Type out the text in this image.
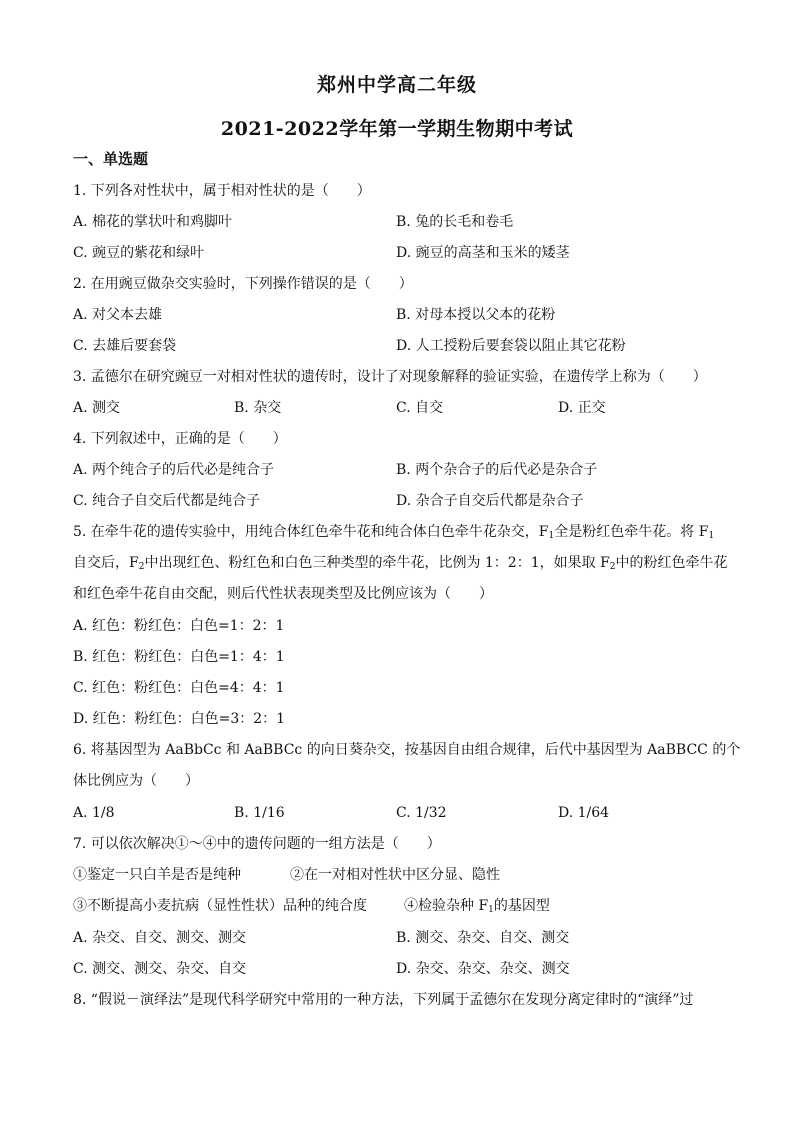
郑州中学高二年级
2021-2022学年第一学期生物期中考试
一、单选题
1. 下列各对性状中，属于相对性状的是（　　）
A. 棉花的掌状叶和鸡脚叶	B. 兔的长毛和卷毛
C. 豌豆的紫花和绿叶	D. 豌豆的高茎和玉米的矮茎
2. 在用豌豆做杂交实验时，下列操作错误的是（　　）
A. 对父本去雄	B. 对母本授以父本的花粉
C. 去雄后要套袋	D. 人工授粉后要套袋以阻止其它花粉
3. 孟德尔在研究豌豆一对相对性状的遗传时，设计了对现象解释的验证实验，在遗传学上称为（　　）
A. 测交	B. 杂交	C. 自交	D. 正交
4. 下列叙述中，正确的是（　　）
A. 两个纯合子的后代必是纯合子	B. 两个杂合子的后代必是杂合子
C. 纯合子自交后代都是纯合子	D. 杂合子自交后代都是杂合子
5. 在牵牛花的遗传实验中，用纯合体红色牵牛花和纯合体白色牵牛花杂交，$F_1$全是粉红色牵牛花。将 $F_1$
自交后，$F_2$中出现红色、粉红色和白色三种类型的牵牛花，比例为 1：2：1，如果取 $F_2$中的粉红色牵牛花
和红色牵牛花自由交配，则后代性状表现类型及比例应该为（　　）
A. 红色：粉红色：白色=1：2：1
B. 红色：粉红色：白色=1：4：1
C. 红色：粉红色：白色=4：4：1
D. 红色：粉红色：白色=3：2：1
6. 将基因型为 AaBbCc 和 AaBBCc 的向日葵杂交，按基因自由组合规律，后代中基因型为 AaBBCC 的个
体比例应为（　　）
A. 1/8	B. 1/16	C. 1/32	D. 1/64
7. 可以依次解决①～④中的遗传问题的一组方法是（　　）
①鉴定一只白羊是否是纯种	②在一对相对性状中区分显、隐性
③不断提高小麦抗病（显性性状）品种的纯合度	④检验杂种 $F_1$的基因型
A. 杂交、自交、测交、测交	B. 测交、杂交、自交、测交
C. 测交、测交、杂交、自交	D. 杂交、杂交、杂交、测交
8. “假说－演绎法”是现代科学研究中常用的一种方法，下列属于孟德尔在发现分离定律时的“演绎”过
